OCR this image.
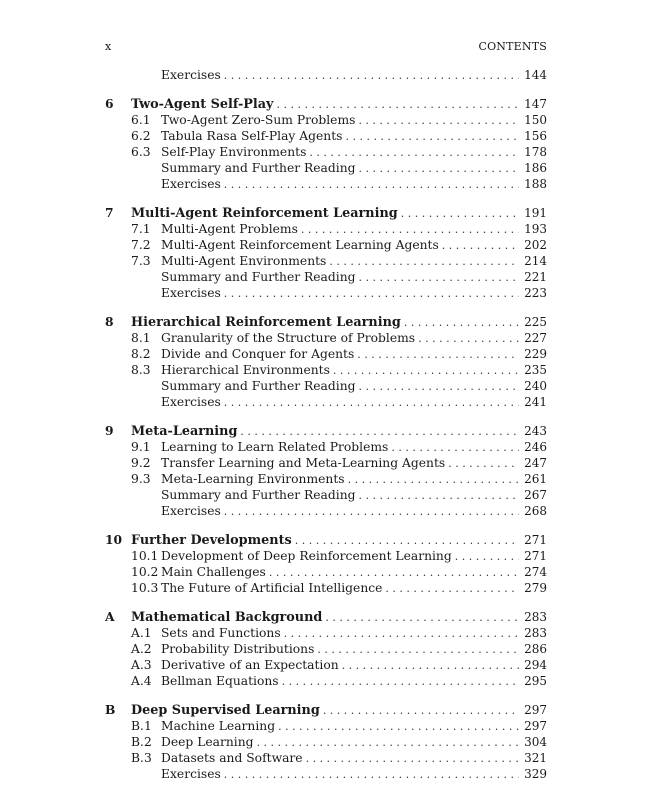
x	CONTENTS
Exercises . . .	144
6 Two-Agent Self-Play . . .	147
6.1 Two-Agent Zero-Sum Problems . . .	150
6.2 Tabula Rasa Self-Play Agents . . .	156
6.3 Self-Play Environments . . .	178
Summary and Further Reading . . .	186
Exercises . . .	188
7 Multi-Agent Reinforcement Learning . . .	191
7.1 Multi-Agent Problems . . .	193
7.2 Multi-Agent Reinforcement Learning Agents . . .	202
7.3 Multi-Agent Environments . . .	214
Summary and Further Reading . . .	221
Exercises . . .	223
8 Hierarchical Reinforcement Learning . . .	225
8.1 Granularity of the Structure of Problems . . .	227
8.2 Divide and Conquer for Agents . . .	229
8.3 Hierarchical Environments . . .	235
Summary and Further Reading . . .	240
Exercises . . .	241
9 Meta-Learning . . .	243
9.1 Learning to Learn Related Problems . . .	246
9.2 Transfer Learning and Meta-Learning Agents . . .	247
9.3 Meta-Learning Environments . . .	261
Summary and Further Reading . . .	267
Exercises . . .	268
10 Further Developments . . .	271
10.1 Development of Deep Reinforcement Learning . . .	271
10.2 Main Challenges . . .	274
10.3 The Future of Artificial Intelligence . . .	279
A Mathematical Background . . .	283
A.1 Sets and Functions . . .	283
A.2 Probability Distributions . . .	286
A.3 Derivative of an Expectation . . .	294
A.4 Bellman Equations . . .	295
B Deep Supervised Learning . . .	297
B.1 Machine Learning . . .	297
B.2 Deep Learning . . .	304
B.3 Datasets and Software . . .	321
Exercises . . .	329
